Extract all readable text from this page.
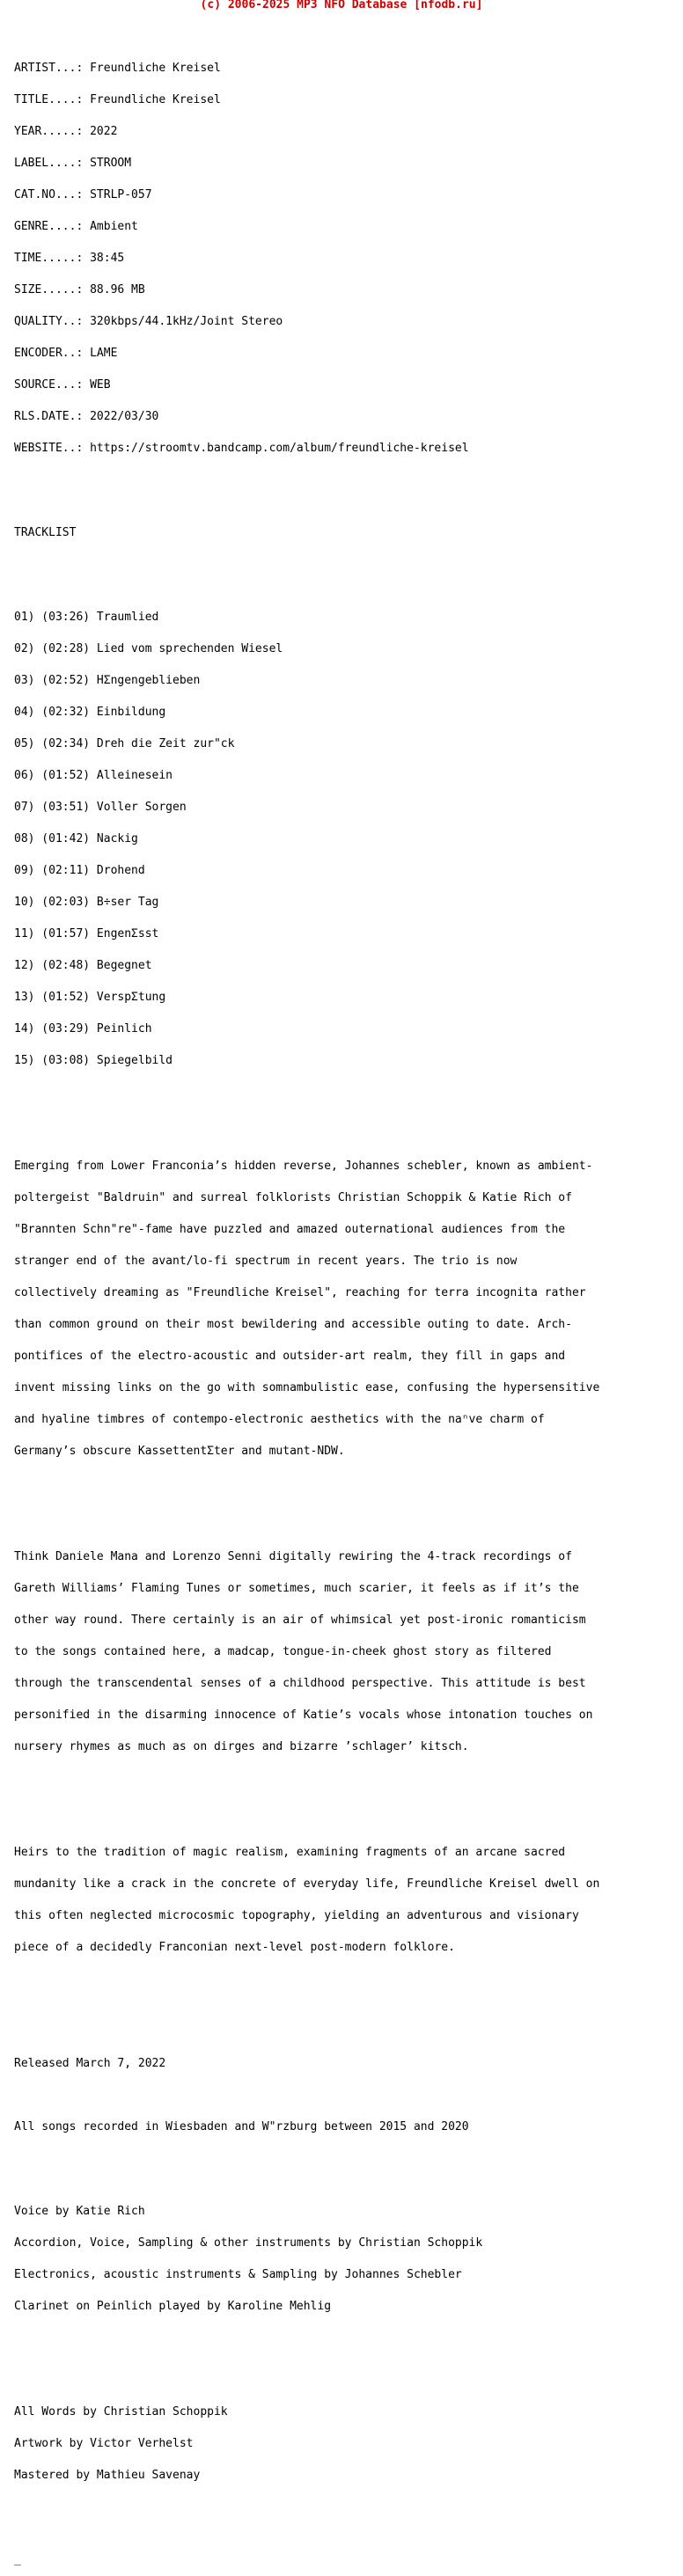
(c) 2006-2025 MP3 NFO Database [nfodb.ru]

ARTIST...: Freundliche Kreisel

TITLE....: Freundliche Kreisel

YEAR.....: 2022

LABEL....: STROOM

CAT.NO...: STRLP-057

GENRE....: Ambient

TIME.....: 38:45

SIZE.....: 88.96 MB

QUALITY..: 320kbps/44.1kHz/Joint Stereo

ENCODER..: LAME

SOURCE...: WEB

RLS.DATE.: 2022/03/30

WEBSITE..: https://stroomtv.bandcamp.com/album/freundliche-kreisel

TRACKLIST

01) (03:26) Traumlied

02) (02:28) Lied vom sprechenden Wiesel

03) (02:52) HΣngengeblieben

04) (02:32) Einbildung

05) (02:34) Dreh die Zeit zur"ck

06) (01:52) Alleinesein

07) (03:51) Voller Sorgen

08) (01:42) Nackig

09) (02:11) Drohend

10) (02:03) B÷ser Tag

11) (01:57) EngenΣsst

12) (02:48) Begegnet

13) (01:52) VerspΣtung

14) (03:29) Peinlich

15) (03:08) Spiegelbild

Emerging from Lower Franconia’s hidden reverse, Johannes schebler, known as ambient-

poltergeist "Baldruin" and surreal folklorists Christian Schoppik & Katie Rich of

"Brannten Schn"re"-fame have puzzled and amazed outernational audiences from the

stranger end of the avant/lo-fi spectrum in recent years. The trio is now

collectively dreaming as "Freundliche Kreisel", reaching for terra incognita rather

than common ground on their most bewildering and accessible outing to date. Arch-

pontifices of the electro-acoustic and outsider-art realm, they fill in gaps and

invent missing links on the go with somnambulistic ease, confusing the hypersensitive

and hyaline timbres of contempo-electronic aesthetics with the naⁿve charm of

Germany’s obscure KassettentΣter and mutant-NDW.

Think Daniele Mana and Lorenzo Senni digitally rewiring the 4-track recordings of

Gareth Williams’ Flaming Tunes or sometimes, much scarier, it feels as if it’s the

other way round. There certainly is an air of whimsical yet post-ironic romanticism

to the songs contained here, a madcap, tongue-in-cheek ghost story as filtered

through the transcendental senses of a childhood perspective. This attitude is best

personified in the disarming innocence of Katie’s vocals whose intonation touches on

nursery rhymes as much as on dirges and bizarre ’schlager’ kitsch.

Heirs to the tradition of magic realism, examining fragments of an arcane sacred

mundanity like a crack in the concrete of everyday life, Freundliche Kreisel dwell on

this often neglected microcosmic topography, yielding an adventurous and visionary

piece of a decidedly Franconian next-level post-modern folklore.

Released March 7, 2022

All songs recorded in Wiesbaden and W"rzburg between 2015 and 2020

Voice by Katie Rich

Accordion, Voice, Sampling & other instruments by Christian Schoppik

Electronics, acoustic instruments & Sampling by Johannes Schebler

Clarinet on Peinlich played by Karoline Mehlig

All Words by Christian Schoppik

Artwork by Victor Verhelst

Mastered by Mathieu Savenay

_
